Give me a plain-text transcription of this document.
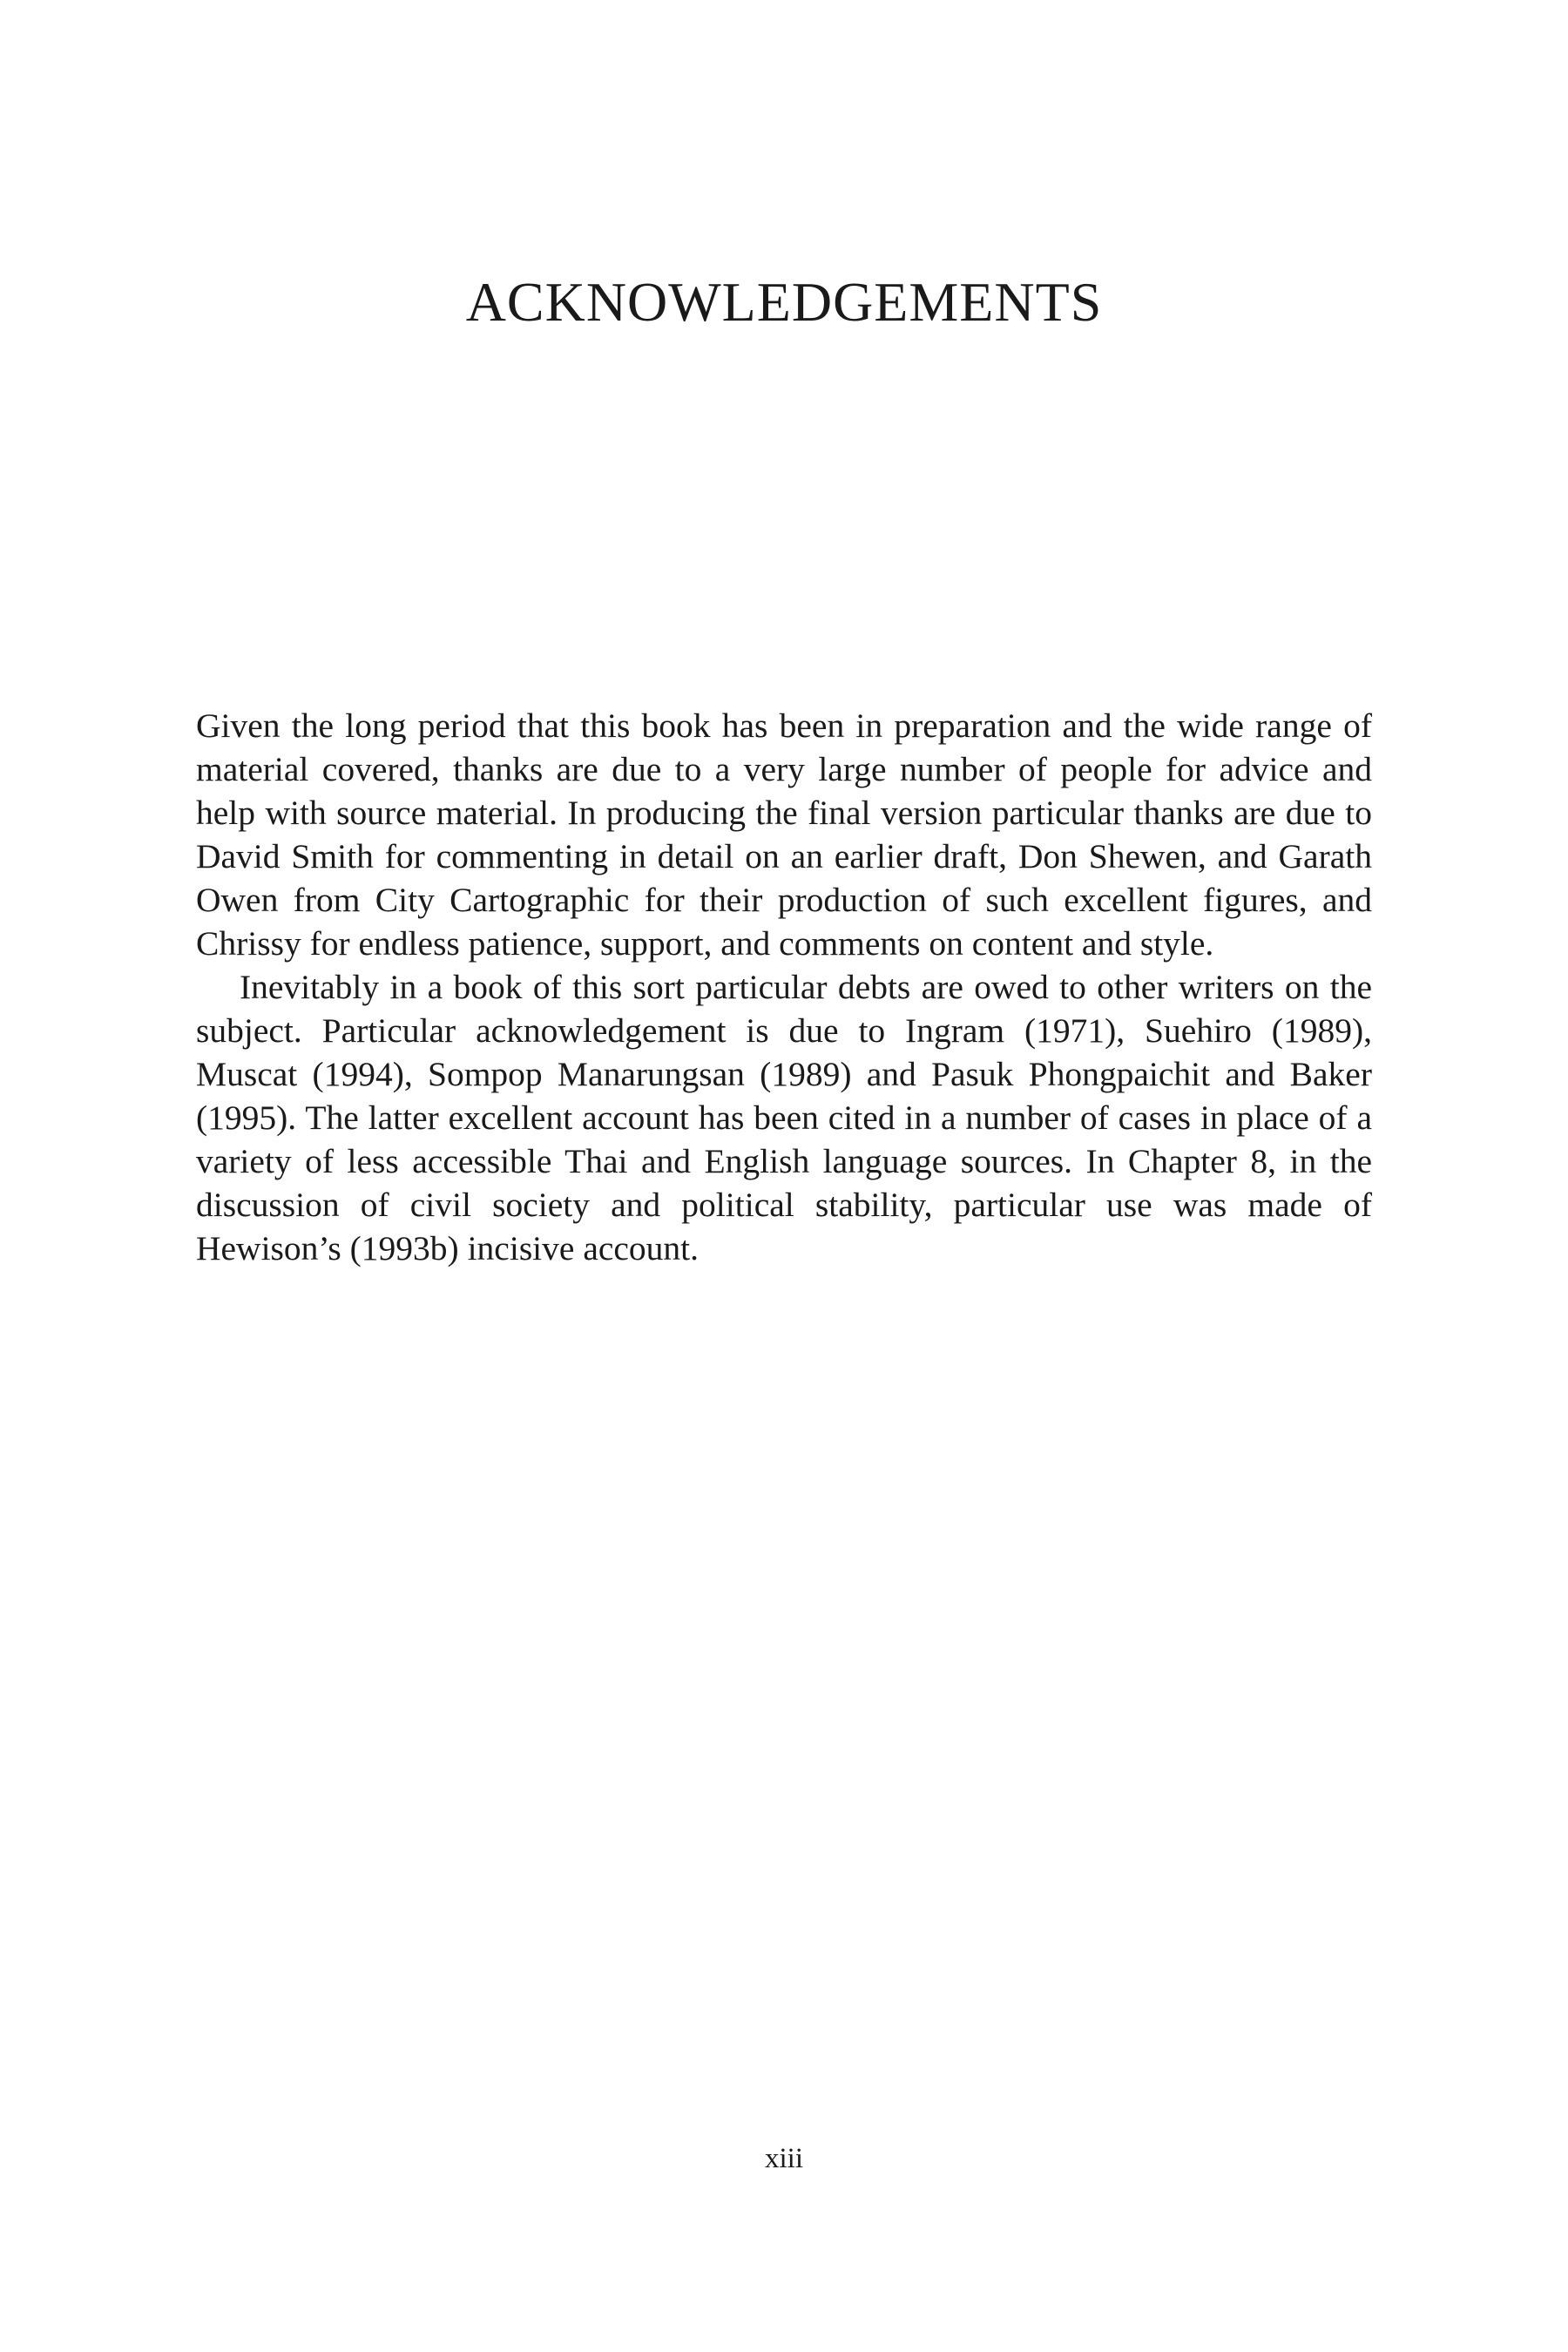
ACKNOWLEDGEMENTS

Given the long period that this book has been in preparation and the wide range of material covered, thanks are due to a very large number of people for advice and help with source material. In producing the final version particular thanks are due to David Smith for commenting in detail on an earlier draft, Don Shewen, and Garath Owen from City Cartographic for their production of such excellent figures, and Chrissy for endless patience, support, and comments on content and style.

Inevitably in a book of this sort particular debts are owed to other writers on the subject. Particular acknowledgement is due to Ingram (1971), Suehiro (1989), Muscat (1994), Sompop Manarungsan (1989) and Pasuk Phongpaichit and Baker (1995). The latter excellent account has been cited in a number of cases in place of a variety of less accessible Thai and English language sources. In Chapter 8, in the discussion of civil society and political stability, particular use was made of Hewison’s (1993b) incisive account.

xiii
